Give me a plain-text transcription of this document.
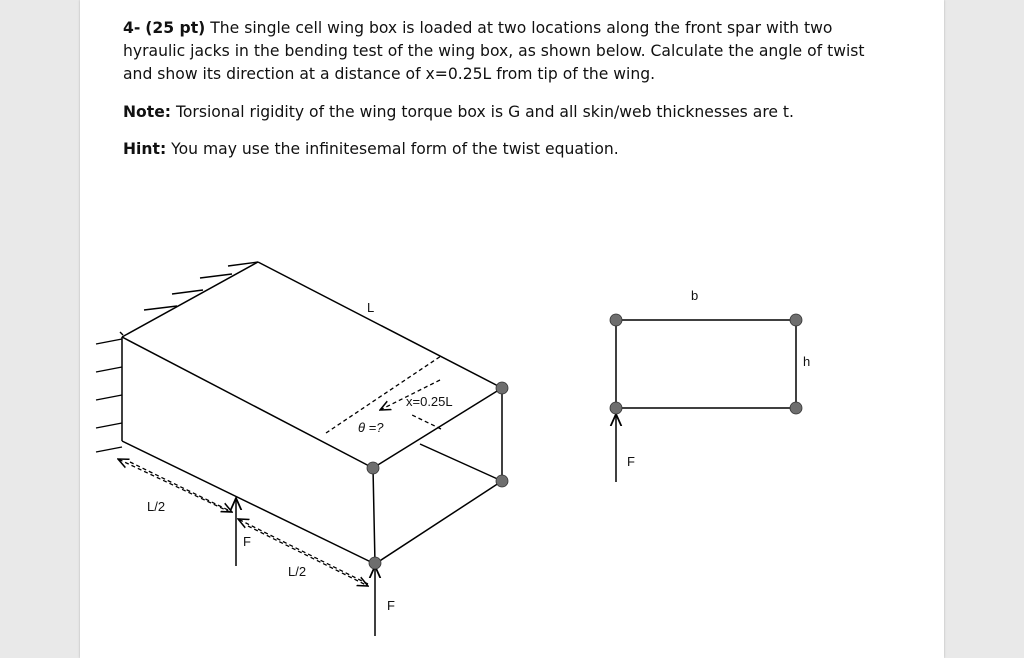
4- (25 pt) The single cell wing box is loaded at two locations along the front spar with two
hyraulic jacks in the bending test of the wing box, as shown below. Calculate the angle of twist
and show its direction at a distance of x=0.25L from tip of the wing.
Note: Torsional rigidity of the wing torque box is G and all skin/web thicknesses are t.
Hint: You may use the infinitesemal form of the twist equation.
L
x=0.25L
θ =?
L/2
L/2
F
F
b
h
F
